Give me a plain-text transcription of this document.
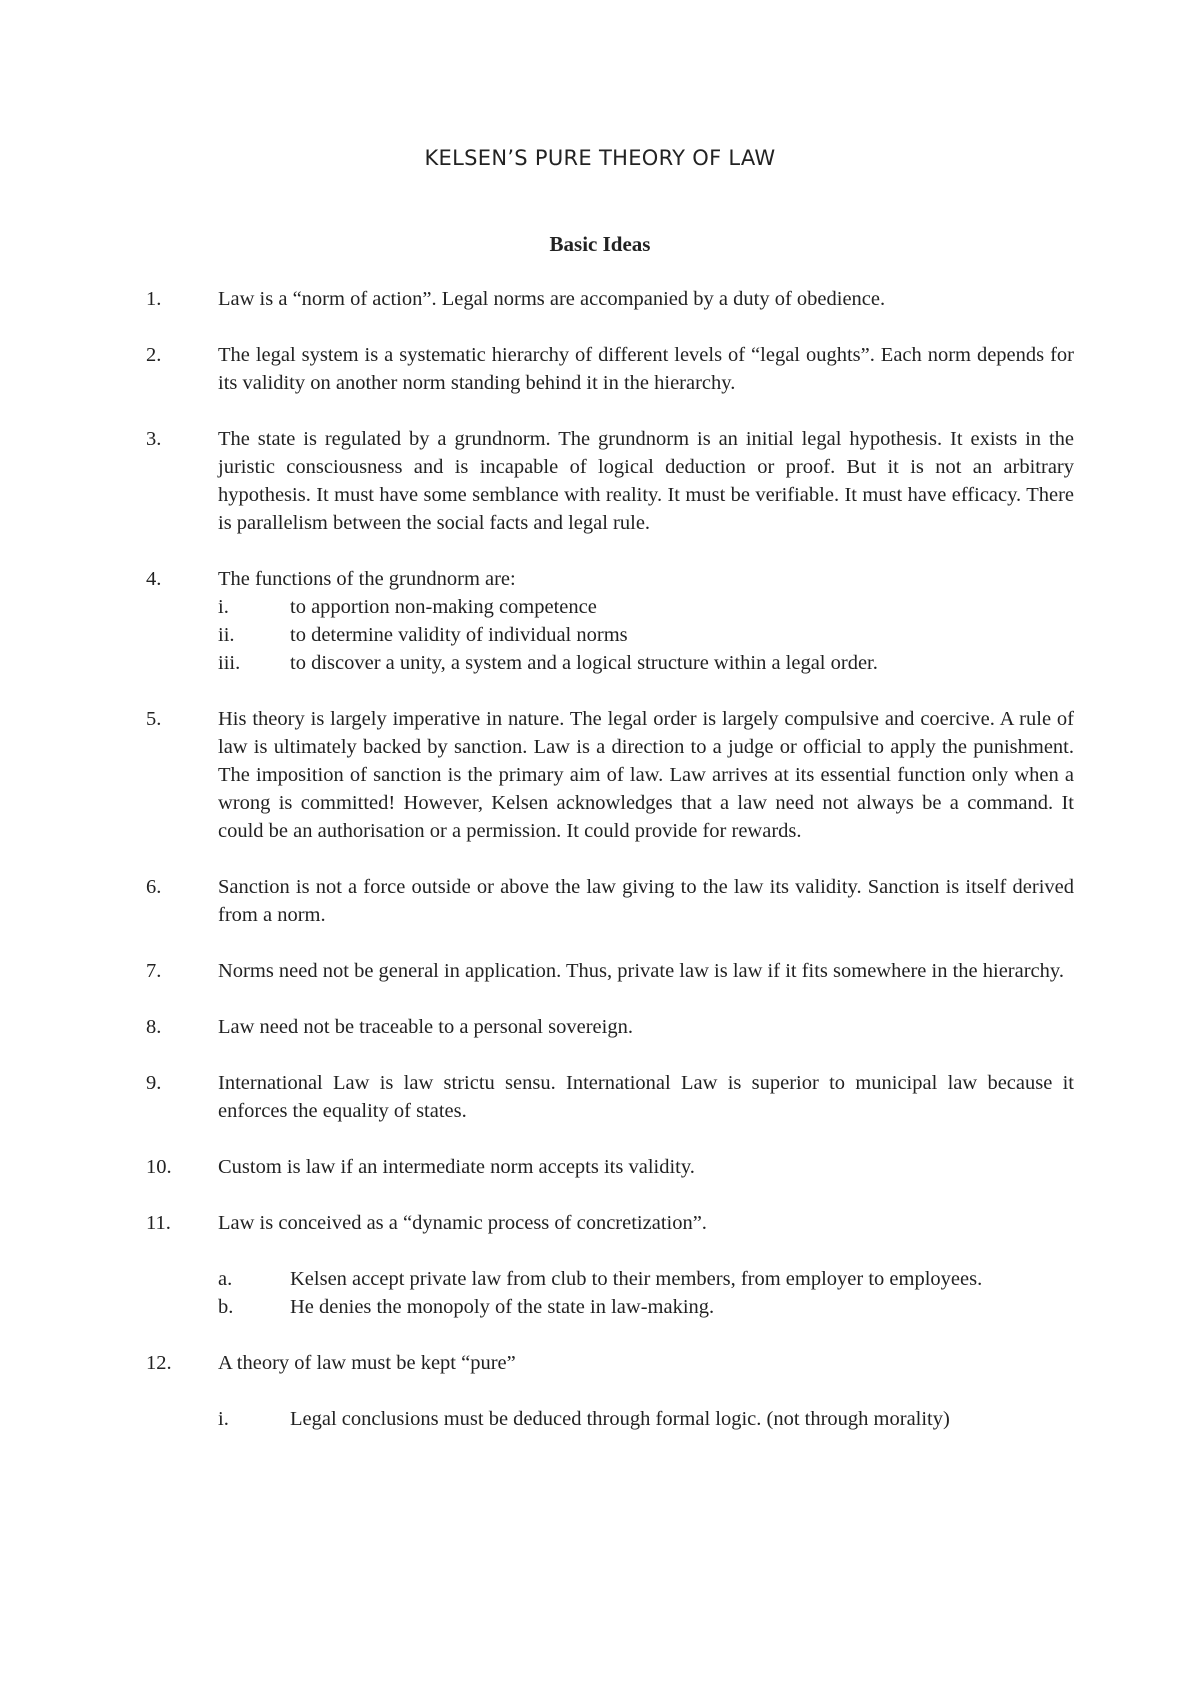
KELSEN’S PURE THEORY OF LAW
Basic Ideas
1.	Law is a “norm of action”. Legal norms are accompanied by a duty of obedience.

2.	The legal system is a systematic hierarchy of different levels of “legal oughts”. Each norm depends for its validity on another norm standing behind it in the hierarchy.

3.	The state is regulated by a grundnorm. The grundnorm is an initial legal hypothesis. It exists in the juristic consciousness and is incapable of logical deduction or proof. But it is not an arbitrary hypothesis. It must have some semblance with reality. It must be verifiable. It must have efficacy. There is parallelism between the social facts and legal rule.

4.	The functions of the grundnorm are:

i.	to apportion non-making competence
ii.	to determine validity of individual norms
iii.	to discover a unity, a system and a logical structure within a legal order.
5.	His theory is largely imperative in nature. The legal order is largely compulsive and coercive. A rule of law is ultimately backed by sanction. Law is a direction to a judge or official to apply the punishment. The imposition of sanction is the primary aim of law. Law arrives at its essential function only when a wrong is committed! However, Kelsen acknowledges that a law need not always be a command. It could be an authorisation or a permission. It could provide for rewards.

6.	Sanction is not a force outside or above the law giving to the law its validity. Sanction is itself derived from a norm.

7.	Norms need not be general in application. Thus, private law is law if it fits somewhere in the hierarchy.

8.	Law need not be traceable to a personal sovereign.

9.	International Law is law strictu sensu. International Law is superior to municipal law because it enforces the equality of states.

10.	Custom is law if an intermediate norm accepts its validity.

11.	Law is conceived as a “dynamic process of concretization”.

a.	Kelsen accept private law from club to their members, from employer to employees.
b.	He denies the monopoly of the state in law-making.
12.	A theory of law must be kept “pure”

i.	Legal conclusions must be deduced through formal logic. (not through morality)
